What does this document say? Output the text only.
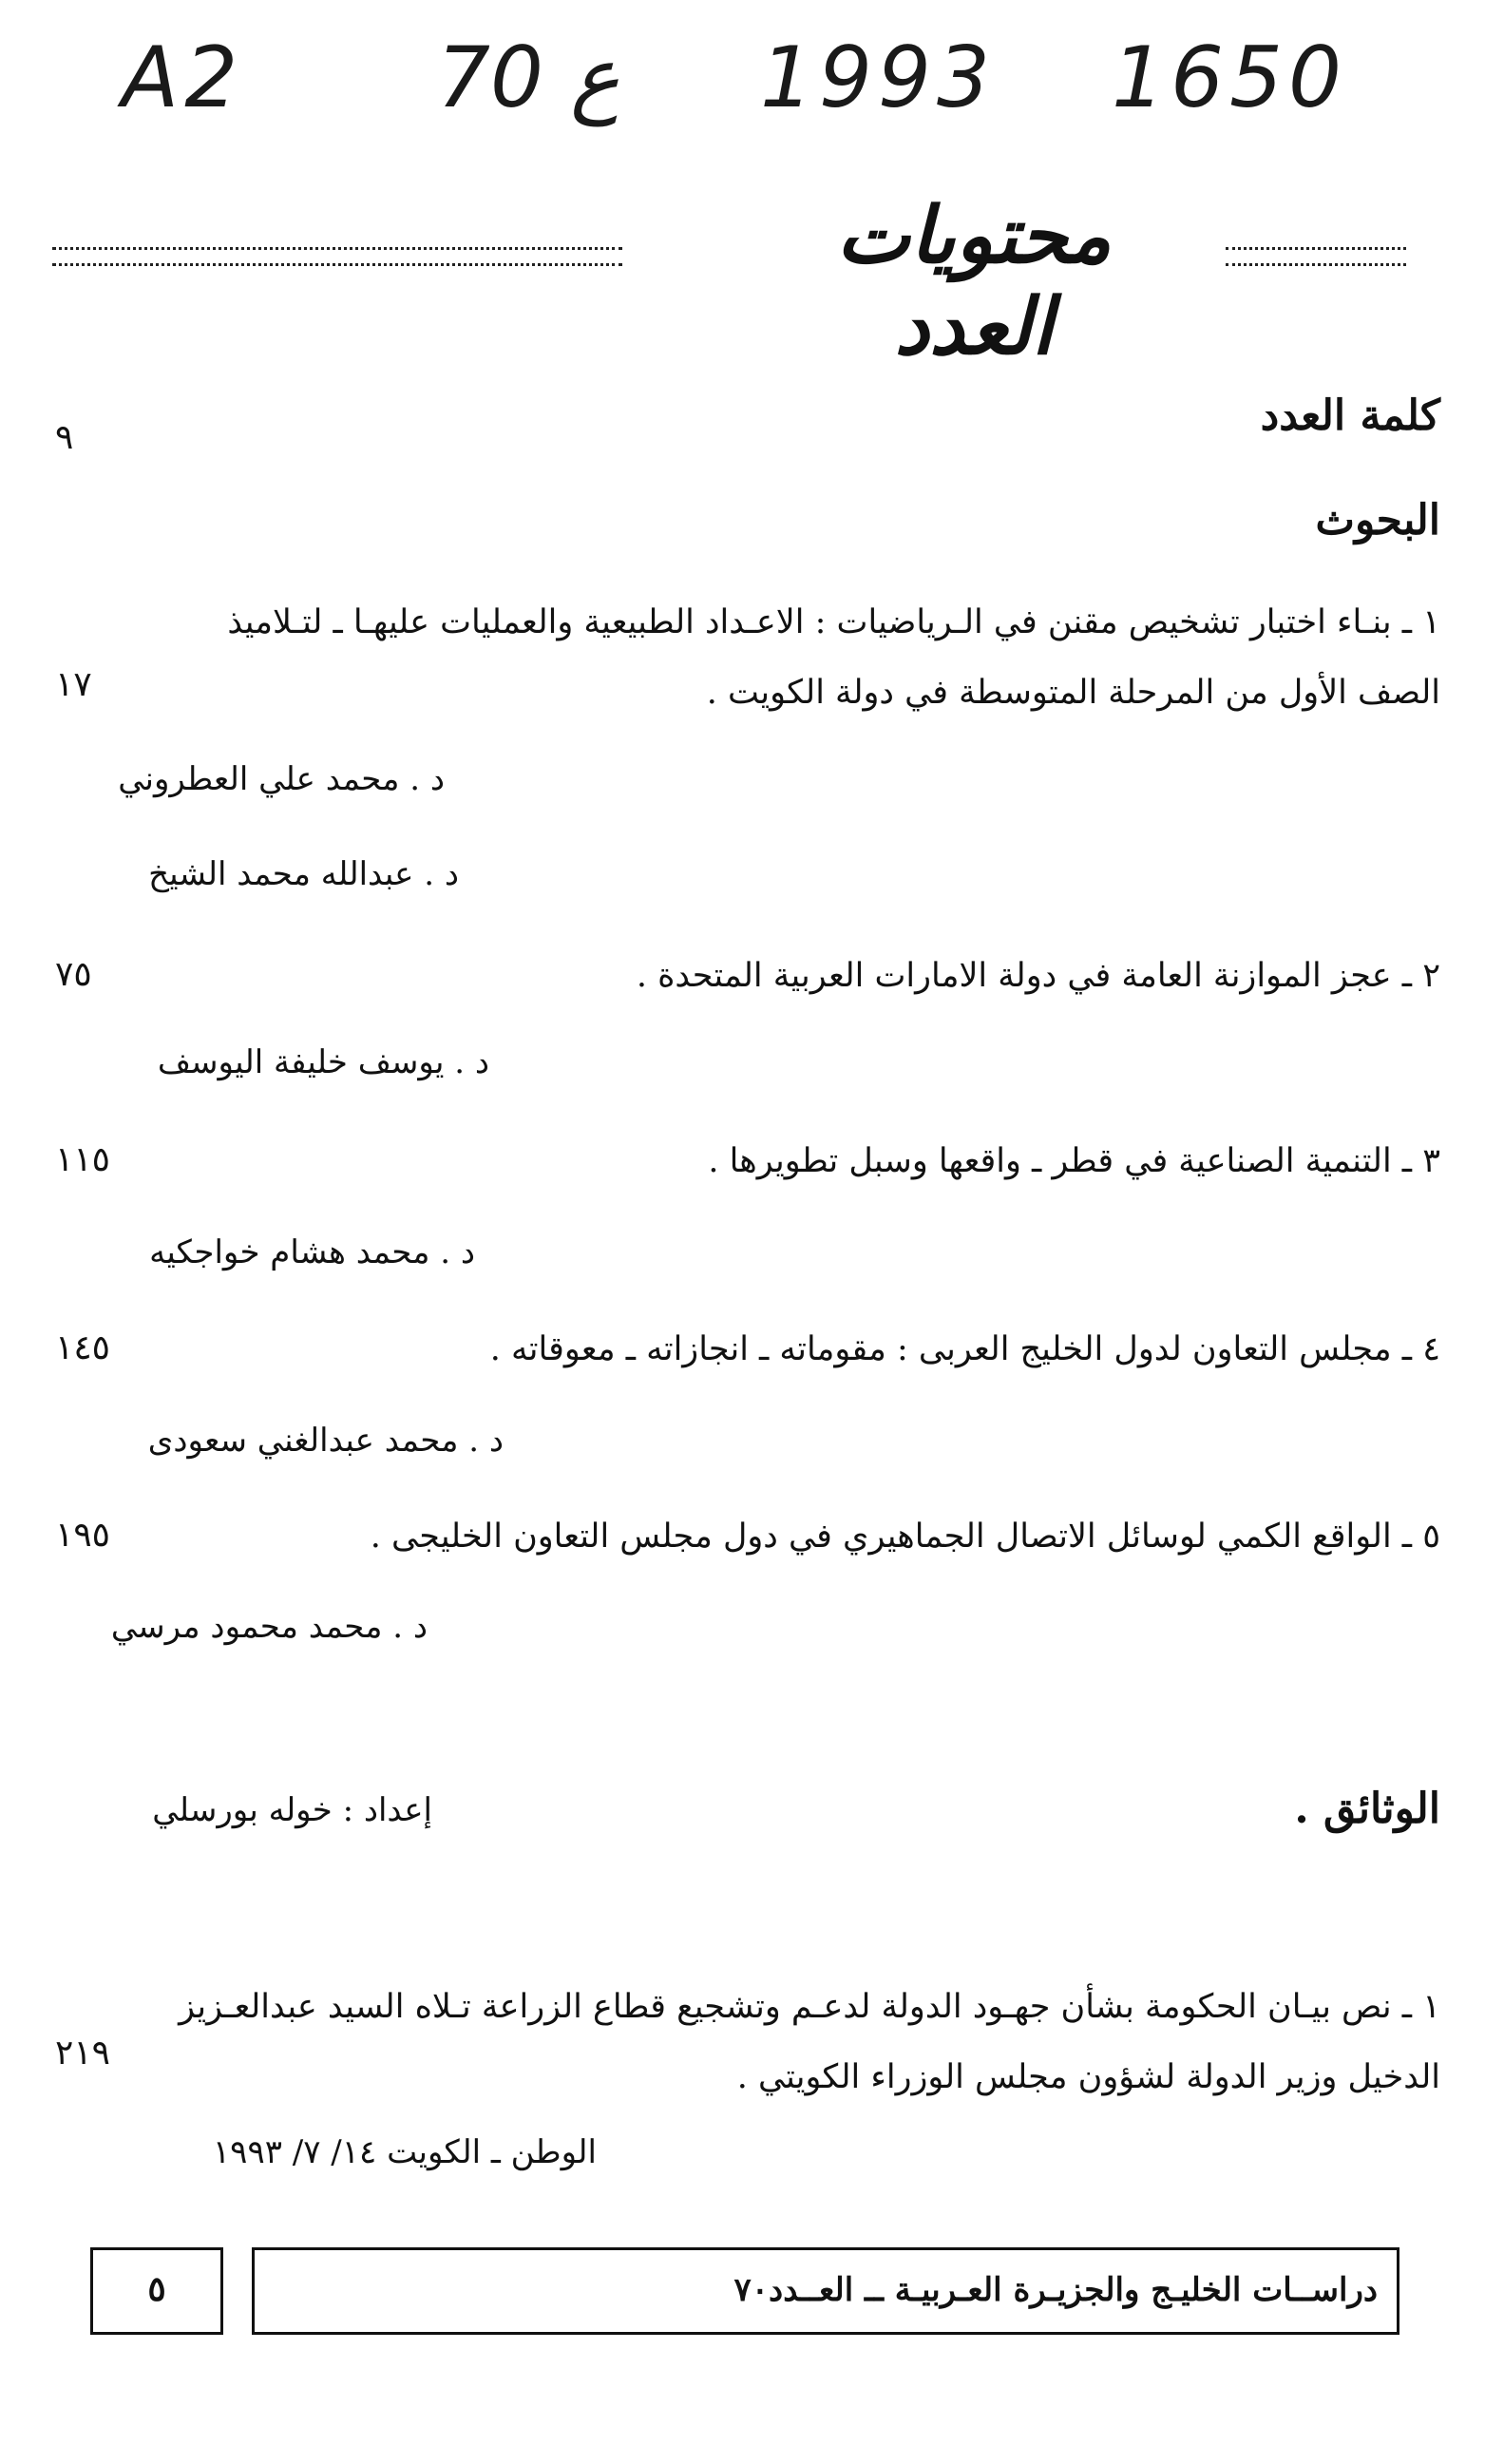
A2 70 ع 1993 1650
محتويات العدد
كلمة العدد
٩
البحوث
١ ـ بنـاء اختبار تشخيص مقنن في الـرياضيات : الاعـداد الطبيعية والعمليات عليهـا ـ لتـلاميذ
الصف الأول من المرحلة المتوسطة في دولة الكويت .
١٧
د . محمد علي العطروني
د . عبدالله محمد الشيخ
٢ ـ عجز الموازنة العامة في دولة الامارات العربية المتحدة .
٧٥
د . يوسف خليفة اليوسف
٣ ـ التنمية الصناعية في قطر ـ واقعها وسبل تطويرها .
١١٥
د . محمد هشام خواجكيه
٤ ـ مجلس التعاون لدول الخليج العربى : مقوماته ـ انجازاته ـ معوقاته .
١٤٥
د . محمد عبدالغني سعودى
٥ ـ الواقع الكمي لوسائل الاتصال الجماهيري في دول مجلس التعاون الخليجى .
١٩٥
د . محمد محمود مرسي
الوثائق .
إعداد : خوله بورسلي
١ ـ نص بيـان الحكومة بشأن جهـود الدولة لدعـم وتشجيع قطاع الزراعة تـلاه السيد عبدالعـزيز
الدخيل وزير الدولة لشؤون مجلس الوزراء الكويتي .
٢١٩
الوطن ـ الكويت ١٤/ ٧/ ١٩٩٣
٥	دراســات الخليـج والجزيـرة العـربيـة ــ العــدد٧٠
